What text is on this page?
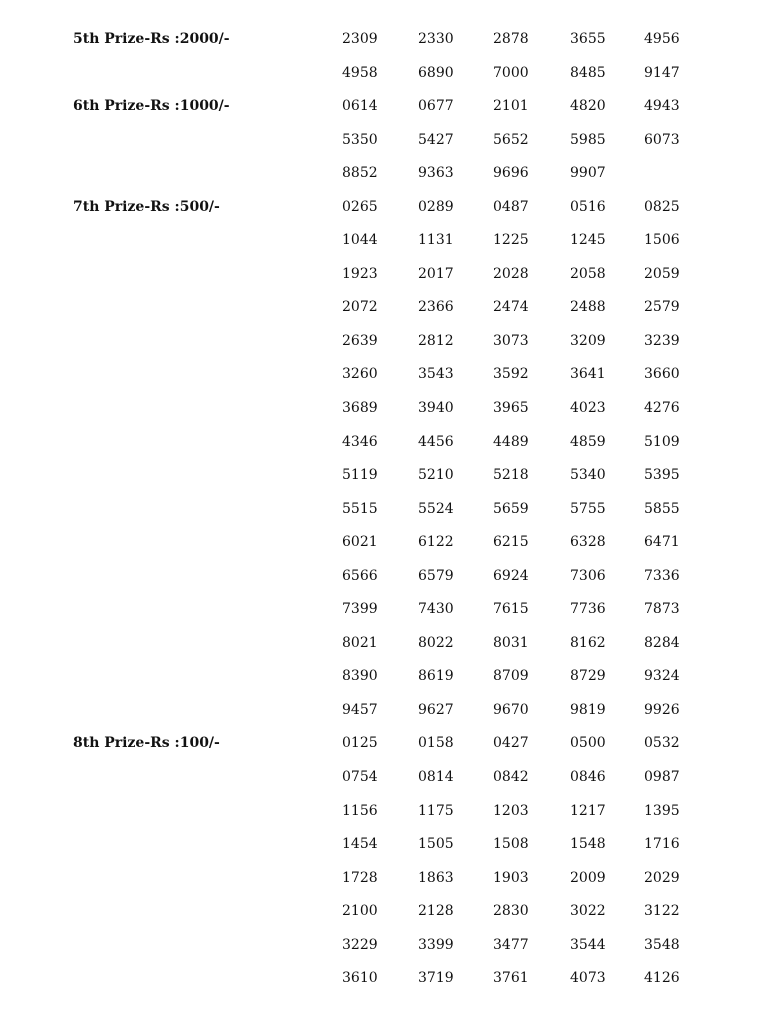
5th Prize-Rs :2000/-	2309	2330	2878	3655	4956
4958	6890	7000	8485	9147
6th Prize-Rs :1000/-	0614	0677	2101	4820	4943
5350	5427	5652	5985	6073
8852	9363	9696	9907
7th Prize-Rs :500/-	0265	0289	0487	0516	0825
1044	1131	1225	1245	1506
1923	2017	2028	2058	2059
2072	2366	2474	2488	2579
2639	2812	3073	3209	3239
3260	3543	3592	3641	3660
3689	3940	3965	4023	4276
4346	4456	4489	4859	5109
5119	5210	5218	5340	5395
5515	5524	5659	5755	5855
6021	6122	6215	6328	6471
6566	6579	6924	7306	7336
7399	7430	7615	7736	7873
8021	8022	8031	8162	8284
8390	8619	8709	8729	9324
9457	9627	9670	9819	9926
8th Prize-Rs :100/-	0125	0158	0427	0500	0532
0754	0814	0842	0846	0987
1156	1175	1203	1217	1395
1454	1505	1508	1548	1716
1728	1863	1903	2009	2029
2100	2128	2830	3022	3122
3229	3399	3477	3544	3548
3610	3719	3761	4073	4126
